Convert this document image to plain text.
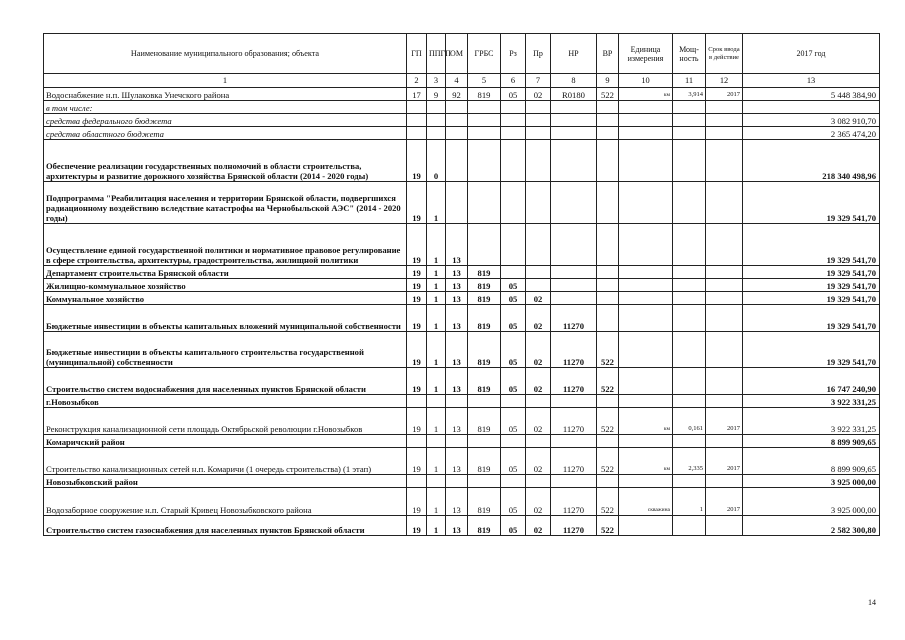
Наименование муниципального образования; объекта	ГП	ППГП	ОМ	ГРБС	Рз	Пр	НР	ВР	Единица измерения	Мощ-ность	Срок ввода в действие	2017 год
1	2	3	4	5	6	7	8	9	10	11	12	13
Водоснабжение н.п. Шулаковка Унечского района	17	9	92	819	05	02	R0180	522	км	3,914	2017	5 448 384,90
в том числе:												
средства федерального бюджета												3 082 910,70
средства областного бюджета												2 365 474,20
Обеспечение реализации государственных полномочий в области строительства, архитектуры и развитие дорожного хозяйства Брянской области (2014 - 2020 годы)	19	0										218 340 498,96
Подпрограмма "Реабилитация населения и территории Брянской области, подвергшихся радиационному воздействию вследствие катастрофы на Чернобыльской АЭС" (2014 - 2020 годы)	19	1										19 329 541,70
Осуществление единой государственной политики и нормативное правовое регулирование в сфере строительства, архитектуры, градостроительства, жилищной политики	19	1	13									19 329 541,70
Департамент строительства Брянской области	19	1	13	819								19 329 541,70
Жилищно-коммунальное хозяйство	19	1	13	819	05							19 329 541,70
Коммунальное хозяйство	19	1	13	819	05	02						19 329 541,70
Бюджетные инвестиции в объекты капитальных вложений муниципальной собственности	19	1	13	819	05	02	11270					19 329 541,70
Бюджетные инвестиции в объекты капитального строительства государственной (муниципальной) собственности	19	1	13	819	05	02	11270	522				19 329 541,70
Строительство систем водоснабжения для населенных пунктов Брянской области	19	1	13	819	05	02	11270	522				16 747 240,90
г.Новозыбков												3 922 331,25
Реконструкция канализационной сети площадь Октябрьской революции г.Новозыбков	19	1	13	819	05	02	11270	522	км	0,161	2017	3 922 331,25
Комаричский район												8 899 909,65
Строительство канализационных сетей н.п. Комаричи (1 очередь строительства) (1 этап)	19	1	13	819	05	02	11270	522	км	2,335	2017	8 899 909,65
Новозыбковский район												3 925 000,00
Водозаборное сооружение н.п. Старый Кривец Новозыбковского района	19	1	13	819	05	02	11270	522	скважина	1	2017	3 925 000,00
Строительство систем газоснабжения для населенных пунктов Брянской области	19	1	13	819	05	02	11270	522				2 582 300,80
14
